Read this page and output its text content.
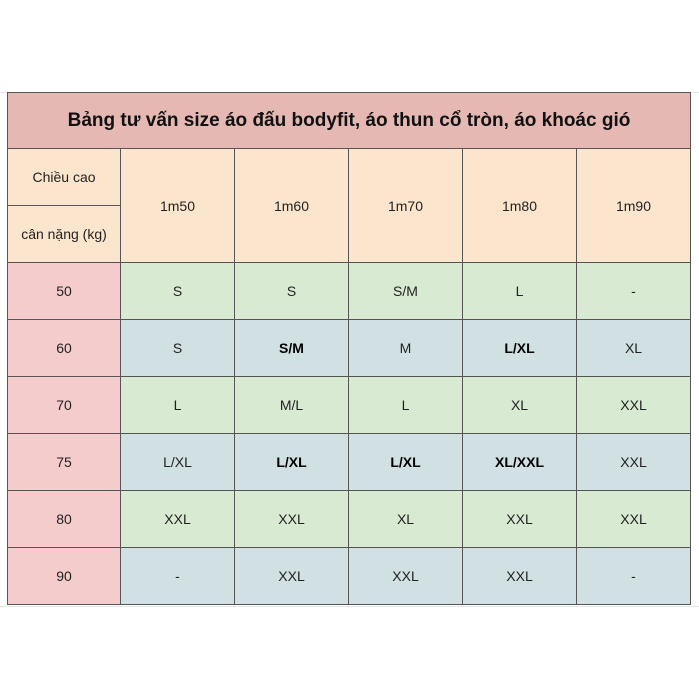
Bảng tư vấn size áo đấu bodyfit, áo thun cổ tròn, áo khoác gió
Chiều cao
cân nặng (kg)
1m50	1m60	1m70	1m80	1m90
50	S	S	S/M	L	-
60	S	S/M	M	L/XL	XL
70	L	M/L	L	XL	XXL
75	L/XL	L/XL	L/XL	XL/XXL	XXL
80	XXL	XXL	XL	XXL	XXL
90	-	XXL	XXL	XXL	-
